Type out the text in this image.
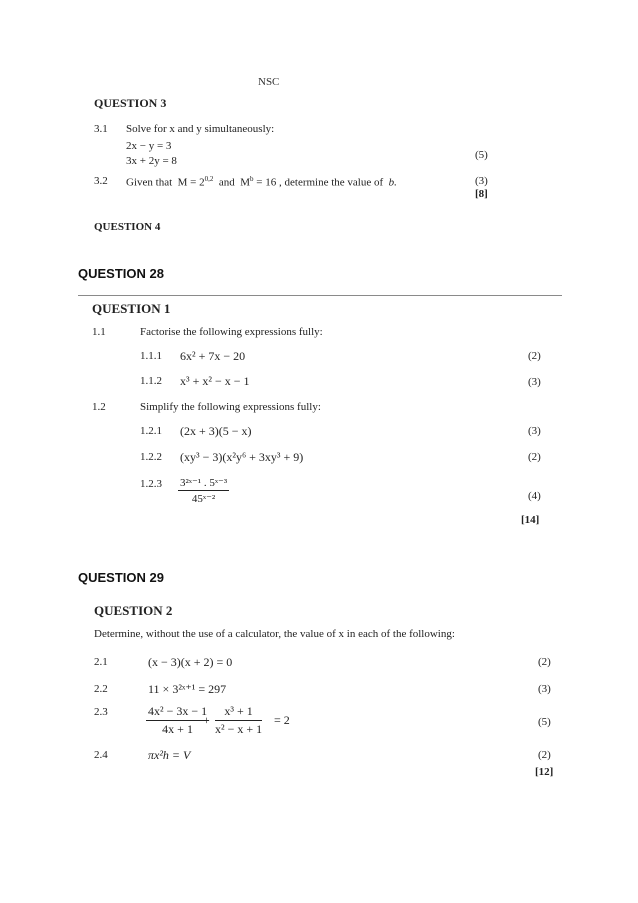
NSC
QUESTION 3
3.1 Solve for x and y simultaneously:
2x − y = 3
3x + 2y = 8	(5)
3.2 Given that $M = 2^{0,2}$ and $M^b = 16$ , determine the value of b.	(3)
[8]
QUESTION 4
QUESTION 28
QUESTION 1
1.1	Factorise the following expressions fully:
1.1.1 6x² + 7x − 20	(2)
1.1.2 x³ + x² − x − 1	(3)
1.2	Simplify the following expressions fully:
1.2.1 (2x + 3)(5 − x)	(3)
1.2.2 (xy³ − 3)(x²y⁶ + 3xy³ + 9)	(2)
$1.2.3 \frac{\text{3²ˣ⁻¹ . 5ˣ⁻³}}{\text{45ˣ⁻²}}$	(4)
[14]
QUESTION 29
QUESTION 2
Determine, without the use of a calculator, the value of x in each of the following:
2.1	(x − 3)(x + 2) = 0	(2)
2.2	11 × 3²ˣ⁺¹ = 297	(3)
2.3	$\frac{\text{4x² − 3x − 1}}{4x + 1}$
+ $\frac{\text{x³ + 1}}{\text{x² − x + 1}} = 2$	(5)
2.4	πx²h = V	(2)
[12]
